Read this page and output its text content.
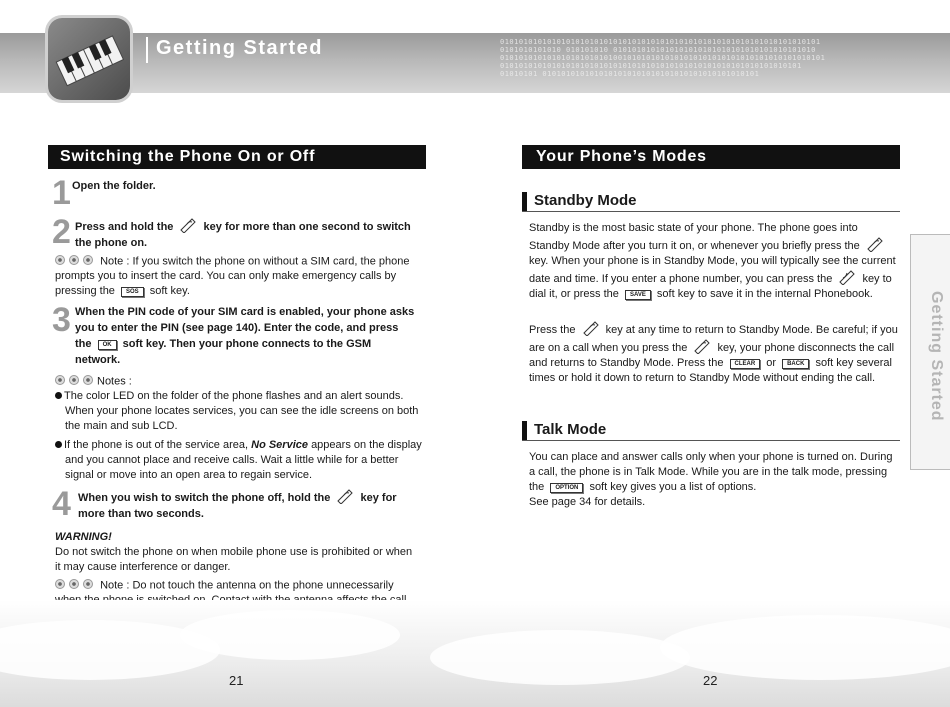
01010101010101010101010101010101010101010101010101010101010101010101
0101010101010 010101010 0101010101010101010101010101010101010101010
010101010101010101010101001010101010101010101010101010101010101010101
0101010101010101010101010101010101010101010101010101010101010101
01010101 0101010101010101010101010101010101010101010101
Getting Started
Getting Started
Switching the Phone On or Off
1 Open the folder.
2 Press and hold the	key for more than one second to switch the phone on.
Note : If you switch the phone on without a SIM card, the phone prompts you to insert the card. You can only make emergency calls by pressing the SOS soft key.
3 When the PIN code of your SIM card is enabled, your phone asks you to enter the PIN (see page 140). Enter the code, and press the OK soft key. Then your phone connects to the GSM network.
Notes :
The color LED on the folder of the phone flashes and an alert sounds. When your phone locates services, you can see the idle screens on both the main and sub LCD.
If the phone is out of the service area, No Service appears on the display and you cannot place and receive calls. Wait a little while for a better signal or move into an open area to regain service.
4 When you wish to switch the phone off, hold the	key for more than two seconds.
WARNING!
Do not switch the phone on when mobile phone use is prohibited or when it may cause interference or danger.
Note : Do not touch the antenna on the phone unnecessarily
Your Phone’s Modes
Standby Mode
Standby is the most basic state of your phone. The phone goes into Standby Mode after you turn it on, or whenever you briefly press the  key. When your phone is in Standby Mode, you will typically see the current date and time. If you enter a phone number, you can press the	key to dial it, or press the SAVE soft key to save it in the internal Phonebook.
Press the	key at any time to return to Standby Mode. Be careful; if you are on a call when you press the	key, your phone disconnects the call and returns to Standby Mode. Press the CLEAR or BACK soft key several times or hold it down to return to Standby Mode without ending the call.
Talk Mode
You can place and answer calls only when your phone is turned on. During a call, the phone is in Talk Mode. While you are in the talk mode, pressing the OPTION soft key gives you a list of options.
See page 34 for details.
21	22
